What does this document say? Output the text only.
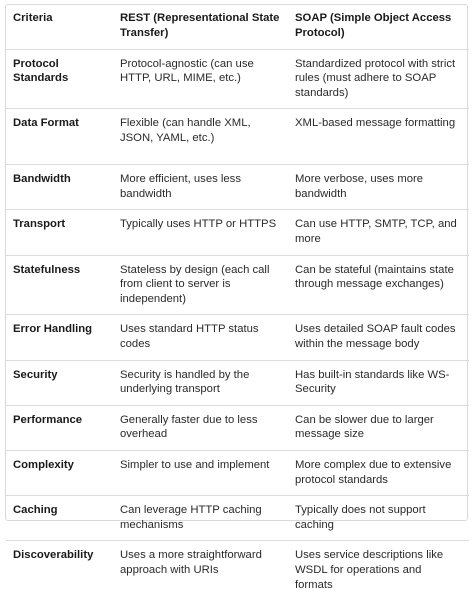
Criteria	REST (Representational State Transfer)	SOAP (Simple Object Access Protocol)
Protocol Standards	Protocol-agnostic (can use HTTP, URL, MIME, etc.)	Standardized protocol with strict rules (must adhere to SOAP standards)
Data Format	Flexible (can handle XML, JSON, YAML, etc.)	XML-based message formatting
Bandwidth	More efficient, uses less bandwidth	More verbose, uses more bandwidth
Transport	Typically uses HTTP or HTTPS	Can use HTTP, SMTP, TCP, and more
Statefulness	Stateless by design (each call from client to server is independent)	Can be stateful (maintains state through message exchanges)
Error Handling	Uses standard HTTP status codes	Uses detailed SOAP fault codes within the message body
Security	Security is handled by the underlying transport	Has built-in standards like WS-Security
Performance	Generally faster due to less overhead	Can be slower due to larger message size
Complexity	Simpler to use and implement	More complex due to extensive protocol standards
Caching	Can leverage HTTP caching mechanisms	Typically does not support caching
Discoverability	Uses a more straightforward approach with URIs	Uses service descriptions like WSDL for operations and formats
